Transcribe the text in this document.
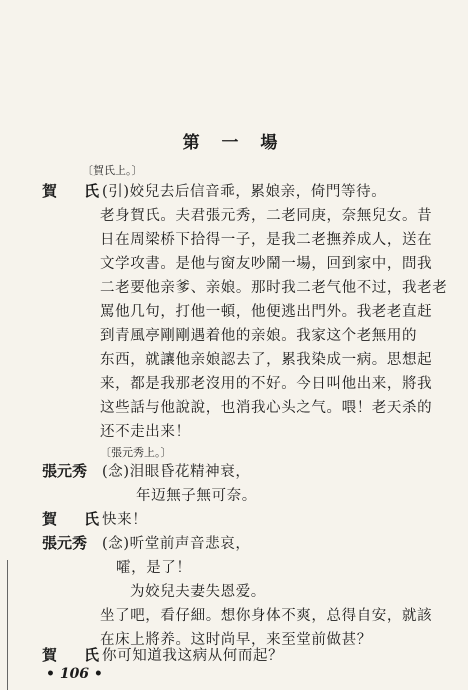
第 一 場
〔賀氏上。〕
賀　氏
(引)姣兒去后信音乖，累娘亲，倚門等待。
老身賀氏。夫君張元秀，二老同庚，奈無兒女。昔
日在周梁桥下拾得一子，是我二老撫养成人，送在
文学攻書。是他与窗友吵鬧一場，回到家中，問我
二老要他亲爹、亲娘。那时我二老气他不过，我老老
罵他几句，打他一頓，他便逃出門外。我老老直赶
到青風亭剛剛遇着他的亲娘。我家这个老無用的
东西，就讓他亲娘認去了，累我染成一病。思想起
来，都是我那老沒用的不好。今日叫他出来，將我
这些話与他說說，也消我心头之气。喂！老天杀的
还不走出来！
〔張元秀上。〕
張元秀 (念)泪眼昏花精神衰，
年迈無子無可奈。
賀　氏
快来！
張元秀 (念)听堂前声音悲哀，
嚯，是了！
为姣兒夫妻失恩爱。
坐了吧，看仔細。想你身体不爽，总得自安，就該
在床上將养。这时尚早，来至堂前做甚？
賀　氏
你可知道我这病从何而起？
• 106 •
